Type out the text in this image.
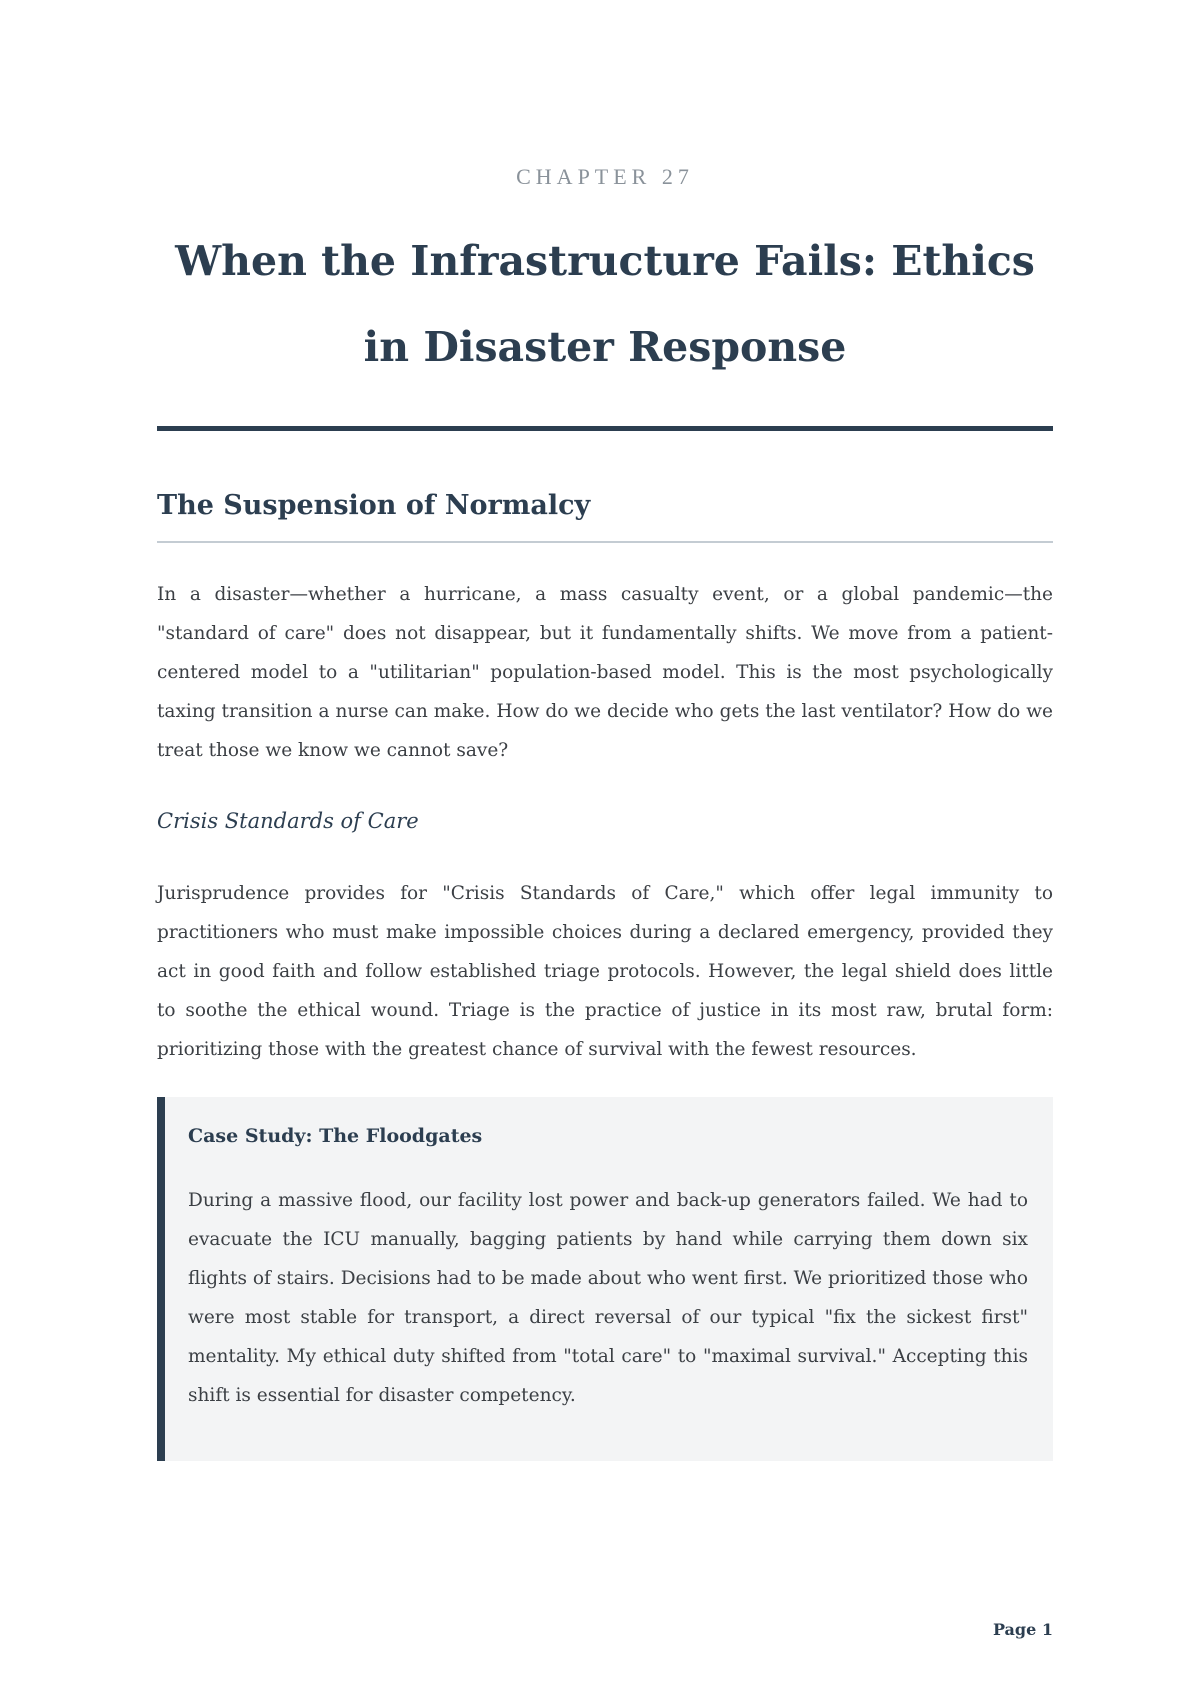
CHAPTER 27
When the Infrastructure Fails: Ethics in Disaster Response
The Suspension of Normalcy

In a disaster—whether a hurricane, a mass casualty event, or a global pandemic—the "standard of care" does not disappear, but it fundamentally shifts. We move from a patient-centered model to a "utilitarian" population-based model. This is the most psychologically taxing transition a nurse can make. How do we decide who gets the last ventilator? How do we treat those we know we cannot save?

Crisis Standards of Care

Jurisprudence provides for "Crisis Standards of Care," which offer legal immunity to practitioners who must make impossible choices during a declared emergency, provided they act in good faith and follow established triage protocols. However, the legal shield does little to soothe the ethical wound. Triage is the practice of justice in its most raw, brutal form: prioritizing those with the greatest chance of survival with the fewest resources.

Case Study: The Floodgates

During a massive flood, our facility lost power and back-up generators failed. We had to evacuate the ICU manually, bagging patients by hand while carrying them down six flights of stairs. Decisions had to be made about who went first. We prioritized those who were most stable for transport, a direct reversal of our typical "fix the sickest first" mentality. My ethical duty shifted from "total care" to "maximal survival." Accepting this shift is essential for disaster competency.

Page 1
